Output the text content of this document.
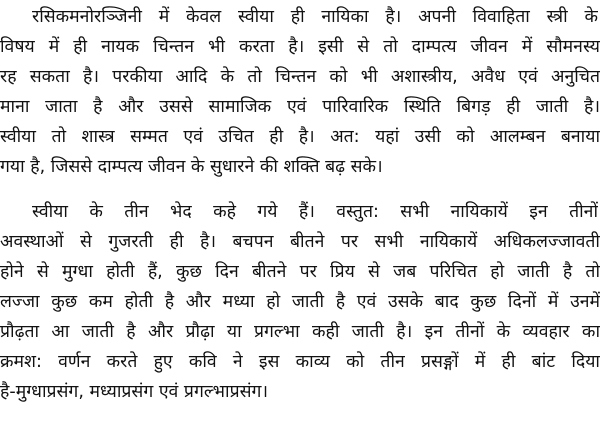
रसिकमनोरञ्जिनी में केवल स्वीया ही नायिका है। अपनी विवाहिता स्त्री के
विषय में ही नायक चिन्तन भी करता है। इसी से तो दाम्पत्य जीवन में सौमनस्य
रह सकता है। परकीया आदि के तो चिन्तन को भी अशास्त्रीय, अवैध एवं अनुचित
माना जाता है और उससे सामाजिक एवं पारिवारिक स्थिति बिगड़ ही जाती है।
स्वीया तो शास्त्र सम्मत एवं उचित ही है। अत: यहां उसी को आलम्बन बनाया
गया है, जिससे दाम्पत्य जीवन के सुधारने की शक्ति बढ़ सके।
स्वीया के तीन भेद कहे गये हैं। वस्तुत: सभी नायिकायें इन तीनों
अवस्थाओं से गुजरती ही है। बचपन बीतने पर सभी नायिकायें अधिकलज्जावती
होने से मुग्धा होती हैं, कुछ दिन बीतने पर प्रिय से जब परिचित हो जाती है तो
लज्जा कुछ कम होती है और मध्या हो जाती है एवं उसके बाद कुछ दिनों में उनमें
प्रौढ़ता आ जाती है और प्रौढ़ा या प्रगल्भा कही जाती है। इन तीनों के व्यवहार का
क्रमश: वर्णन करते हुए कवि ने इस काव्य को तीन प्रसङ्गों में ही बांट दिया
है-मुग्धाप्रसंग, मध्याप्रसंग एवं प्रगल्भाप्रसंग।
